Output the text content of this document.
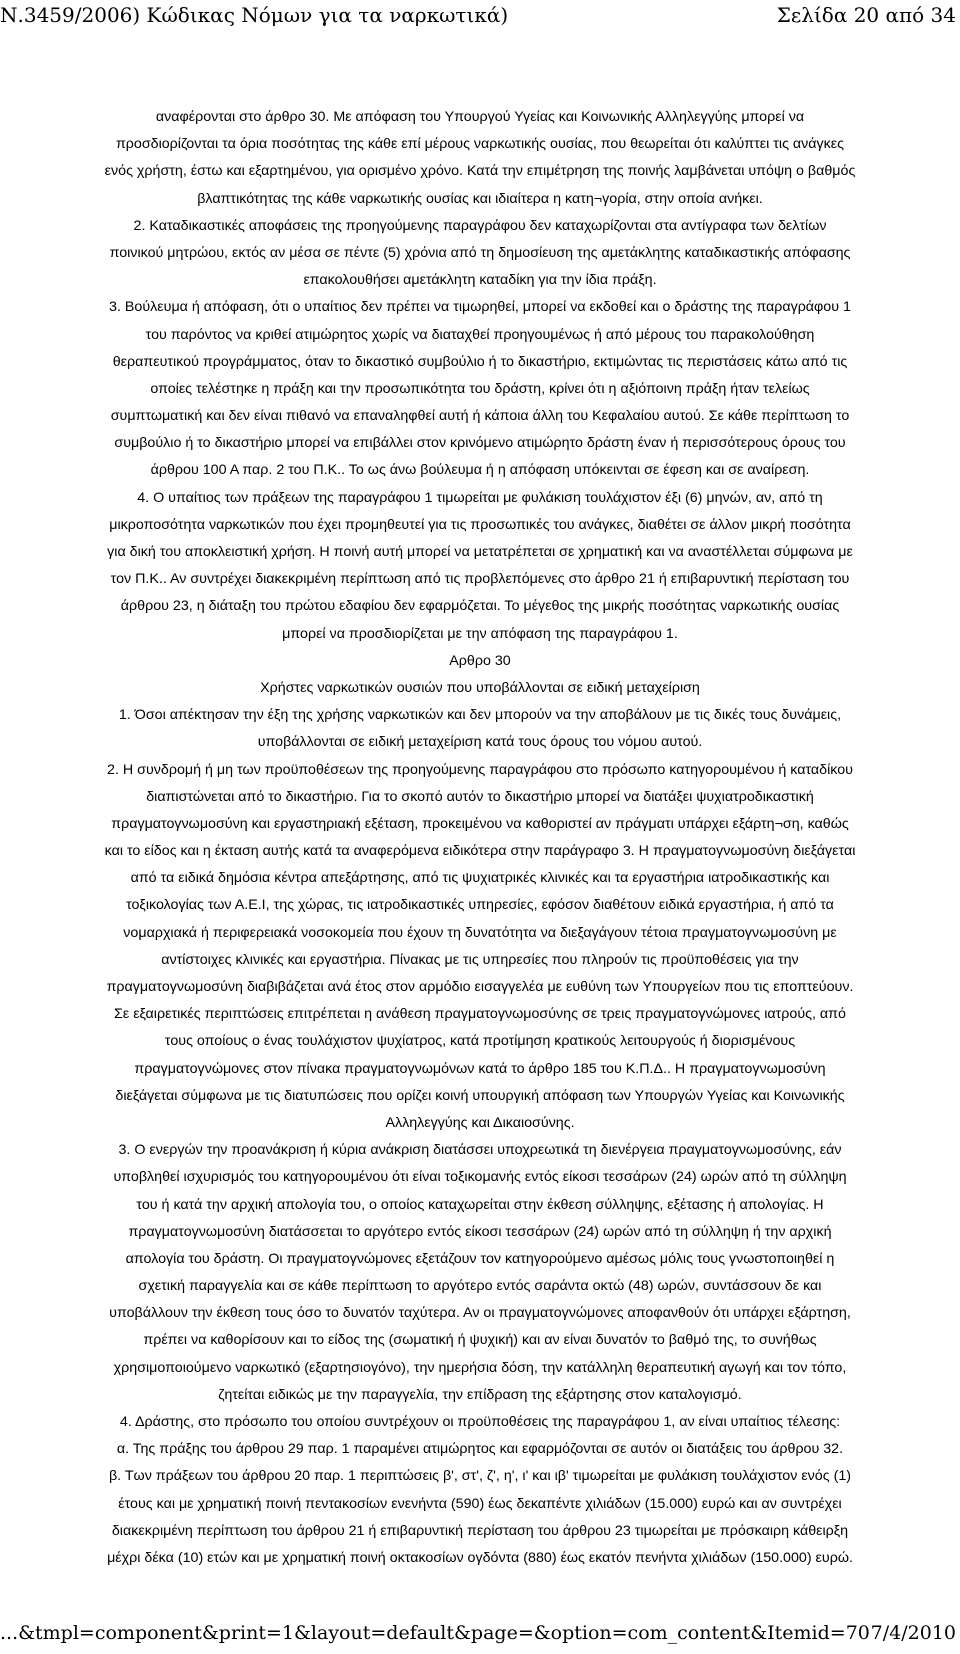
Ν.3459/2006) Κώδικας Νόμων για τα ναρκωτικά)	Σελίδα 20 από 34
αναφέρονται στο άρθρο 30. Με απόφαση του Υπουργού Υγείας και Κοινωνικής Αλληλεγγύης μπορεί να
προσδιορίζονται τα όρια ποσότητας της κάθε επί μέρους ναρκωτικής ουσίας, που θεωρείται ότι καλύπτει τις ανάγκες
ενός χρήστη, έστω και εξαρτημένου, για ορισμένο χρόνο. Κατά την επιμέτρηση της ποινής λαμβάνεται υπόψη ο βαθμός
βλαπτικότητας της κάθε ναρκωτικής ουσίας και ιδιαίτερα η κατη¬γορία, στην οποία ανήκει.
2. Καταδικαστικές αποφάσεις της προηγούμενης παραγράφου δεν καταχωρίζονται στα αντίγραφα των δελτίων
ποινικού μητρώου, εκτός αν μέσα σε πέντε (5) χρόνια από τη δημοσίευση της αμετάκλητης καταδικαστικής απόφασης
επακολουθήσει αμετάκλητη καταδίκη για την ίδια πράξη.
3. Βούλευμα ή απόφαση, ότι ο υπαίτιος δεν πρέπει να τιμωρηθεί, μπορεί να εκδοθεί και ο δράστης της παραγράφου 1
του παρόντος να κριθεί ατιμώρητος χωρίς να διαταχθεί προηγουμένως ή από μέρους του παρακολούθηση
θεραπευτικού προγράμματος, όταν το δικαστικό συμβούλιο ή το δικαστήριο, εκτιμώντας τις περιστάσεις κάτω από τις
οποίες τελέστηκε η πράξη και την προσωπικότητα του δράστη, κρίνει ότι η αξιόποινη πράξη ήταν τελείως
συμπτωματική και δεν είναι πιθανό να επαναληφθεί αυτή ή κάποια άλλη του Κεφαλαίου αυτού. Σε κάθε περίπτωση το
συμβούλιο ή το δικαστήριο μπορεί να επιβάλλει στον κρινόμενο ατιμώρητο δράστη έναν ή περισσότερους όρους του
άρθρου 100 Α παρ. 2 του Π.Κ.. Το ως άνω βούλευμα ή η απόφαση υπόκεινται σε έφεση και σε αναίρεση.
4. Ο υπαίτιος των πράξεων της παραγράφου 1 τιμωρείται με φυλάκιση τουλάχιστον έξι (6) μηνών, αν, από τη
μικροποσότητα ναρκωτικών που έχει προμηθευτεί για τις προσωπικές του ανάγκες, διαθέτει σε άλλον μικρή ποσότητα
για δική του αποκλειστική χρήση. Η ποινή αυτή μπορεί να μετατρέπεται σε χρηματική και να αναστέλλεται σύμφωνα με
τον Π.Κ.. Αν συντρέχει διακεκριμένη περίπτωση από τις προβλεπόμενες στο άρθρο 21 ή επιβαρυντική περίσταση του
άρθρου 23, η διάταξη του πρώτου εδαφίου δεν εφαρμόζεται. Το μέγεθος της μικρής ποσότητας ναρκωτικής ουσίας
μπορεί να προσδιορίζεται με την απόφαση της παραγράφου 1.
Αρθρο 30
Χρήστες ναρκωτικών ουσιών που υποβάλλονται σε ειδική μεταχείριση
1. Όσοι απέκτησαν την έξη της χρήσης ναρκωτικών και δεν μπορούν να την αποβάλουν με τις δικές τους δυνάμεις,
υποβάλλονται σε ειδική μεταχείριση κατά τους όρους του νόμου αυτού.
2. Η συνδρομή ή μη των προϋποθέσεων της προηγούμενης παραγράφου στο πρόσωπο κατηγορουμένου ή καταδίκου
διαπιστώνεται από το δικαστήριο. Για το σκοπό αυτόν το δικαστήριο μπορεί να διατάξει ψυχιατροδικαστική
πραγματογνωμοσύνη και εργαστηριακή εξέταση, προκειμένου να καθοριστεί αν πράγματι υπάρχει εξάρτη¬ση, καθώς
και το είδος και η έκταση αυτής κατά τα αναφερόμενα ειδικότερα στην παράγραφο 3. Η πραγματογνωμοσύνη διεξάγεται
από τα ειδικά δημόσια κέντρα απεξάρτησης, από τις ψυχιατρικές κλινικές και τα εργαστήρια ιατροδικαστικής και
τοξικολογίας των Α.Ε.Ι, της χώρας, τις ιατροδικαστικές υπηρεσίες, εφόσον διαθέτουν ειδικά εργαστήρια, ή από τα
νομαρχιακά ή περιφερειακά νοσοκομεία που έχουν τη δυνατότητα να διεξαγάγουν τέτοια πραγματογνωμοσύνη με
αντίστοιχες κλινικές και εργαστήρια. Πίνακας με τις υπηρεσίες που πληρούν τις προϋποθέσεις για την
πραγματογνωμοσύνη διαβιβάζεται ανά έτος στον αρμόδιο εισαγγελέα με ευθύνη των Υπουργείων που τις εποπτεύουν.
Σε εξαιρετικές περιπτώσεις επιτρέπεται η ανάθεση πραγματογνωμοσύνης σε τρεις πραγματογνώμονες ιατρούς, από
τους οποίους ο ένας τουλάχιστον ψυχίατρος, κατά προτίμηση κρατικούς λειτουργούς ή διορισμένους
πραγματογνώμονες στον πίνακα πραγματογνωμόνων κατά το άρθρο 185 του Κ.Π.Δ.. Η πραγματογνωμοσύνη
διεξάγεται σύμφωνα με τις διατυπώσεις που ορίζει κοινή υπουργική απόφαση των Υπουργών Υγείας και Κοινωνικής
Αλληλεγγύης και Δικαιοσύνης.
3. Ο ενεργών την προανάκριση ή κύρια ανάκριση διατάσσει υποχρεωτικά τη διενέργεια πραγματογνωμοσύνης, εάν
υποβληθεί ισχυρισμός του κατηγορουμένου ότι είναι τοξικομανής εντός είκοσι τεσσάρων (24) ωρών από τη σύλληψη
του ή κατά την αρχική απολογία του, ο οποίος καταχωρείται στην έκθεση σύλληψης, εξέτασης ή απολογίας. Η
πραγματογνωμοσύνη διατάσσεται το αργότερο εντός είκοσι τεσσάρων (24) ωρών από τη σύλληψη ή την αρχική
απολογία του δράστη. Οι πραγματογνώμονες εξετάζουν τον κατηγορούμενο αμέσως μόλις τους γνωστοποιηθεί η
σχετική παραγγελία και σε κάθε περίπτωση το αργότερο εντός σαράντα οκτώ (48) ωρών, συντάσσουν δε και
υποβάλλουν την έκθεση τους όσο το δυνατόν ταχύτερα. Αν οι πραγματογνώμονες αποφανθούν ότι υπάρχει εξάρτηση,
πρέπει να καθορίσουν και το είδος της (σωματική ή ψυχική) και αν είναι δυνατόν το βαθμό της, το συνήθως
χρησιμοποιούμενο ναρκωτικό (εξαρτησιογόνο), την ημερήσια δόση, την κατάλληλη θεραπευτική αγωγή και τον τόπο,
ζητείται ειδικώς με την παραγγελία, την επίδραση της εξάρτησης στον καταλογισμό.
4. Δράστης, στο πρόσωπο του οποίου συντρέχουν οι προϋποθέσεις της παραγράφου 1, αν είναι υπαίτιος τέλεσης:
α. Της πράξης του άρθρου 29 παρ. 1 παραμένει ατιμώρητος και εφαρμόζονται σε αυτόν οι διατάξεις του άρθρου 32.
β. Των πράξεων του άρθρου 20 παρ. 1 περιπτώσεις β', στ', ζ', η', ι' και ιβ' τιμωρείται με φυλάκιση τουλάχιστον ενός (1)
έτους και με χρηματική ποινή πεντακοσίων ενενήντα (590) έως δεκαπέντε χιλιάδων (15.000) ευρώ και αν συντρέχει
διακεκριμένη περίπτωση του άρθρου 21 ή επιβαρυντική περίσταση του άρθρου 23 τιμωρείται με πρόσκαιρη κάθειρξη
μέχρι δέκα (10) ετών και με χρηματική ποινή οκτακοσίων ογδόντα (880) έως εκατόν πενήντα χιλιάδων (150.000) ευρώ.
...&tmpl=component&print=1&layout=default&page=&option=com_content&Itemid=70 7/4/2010
